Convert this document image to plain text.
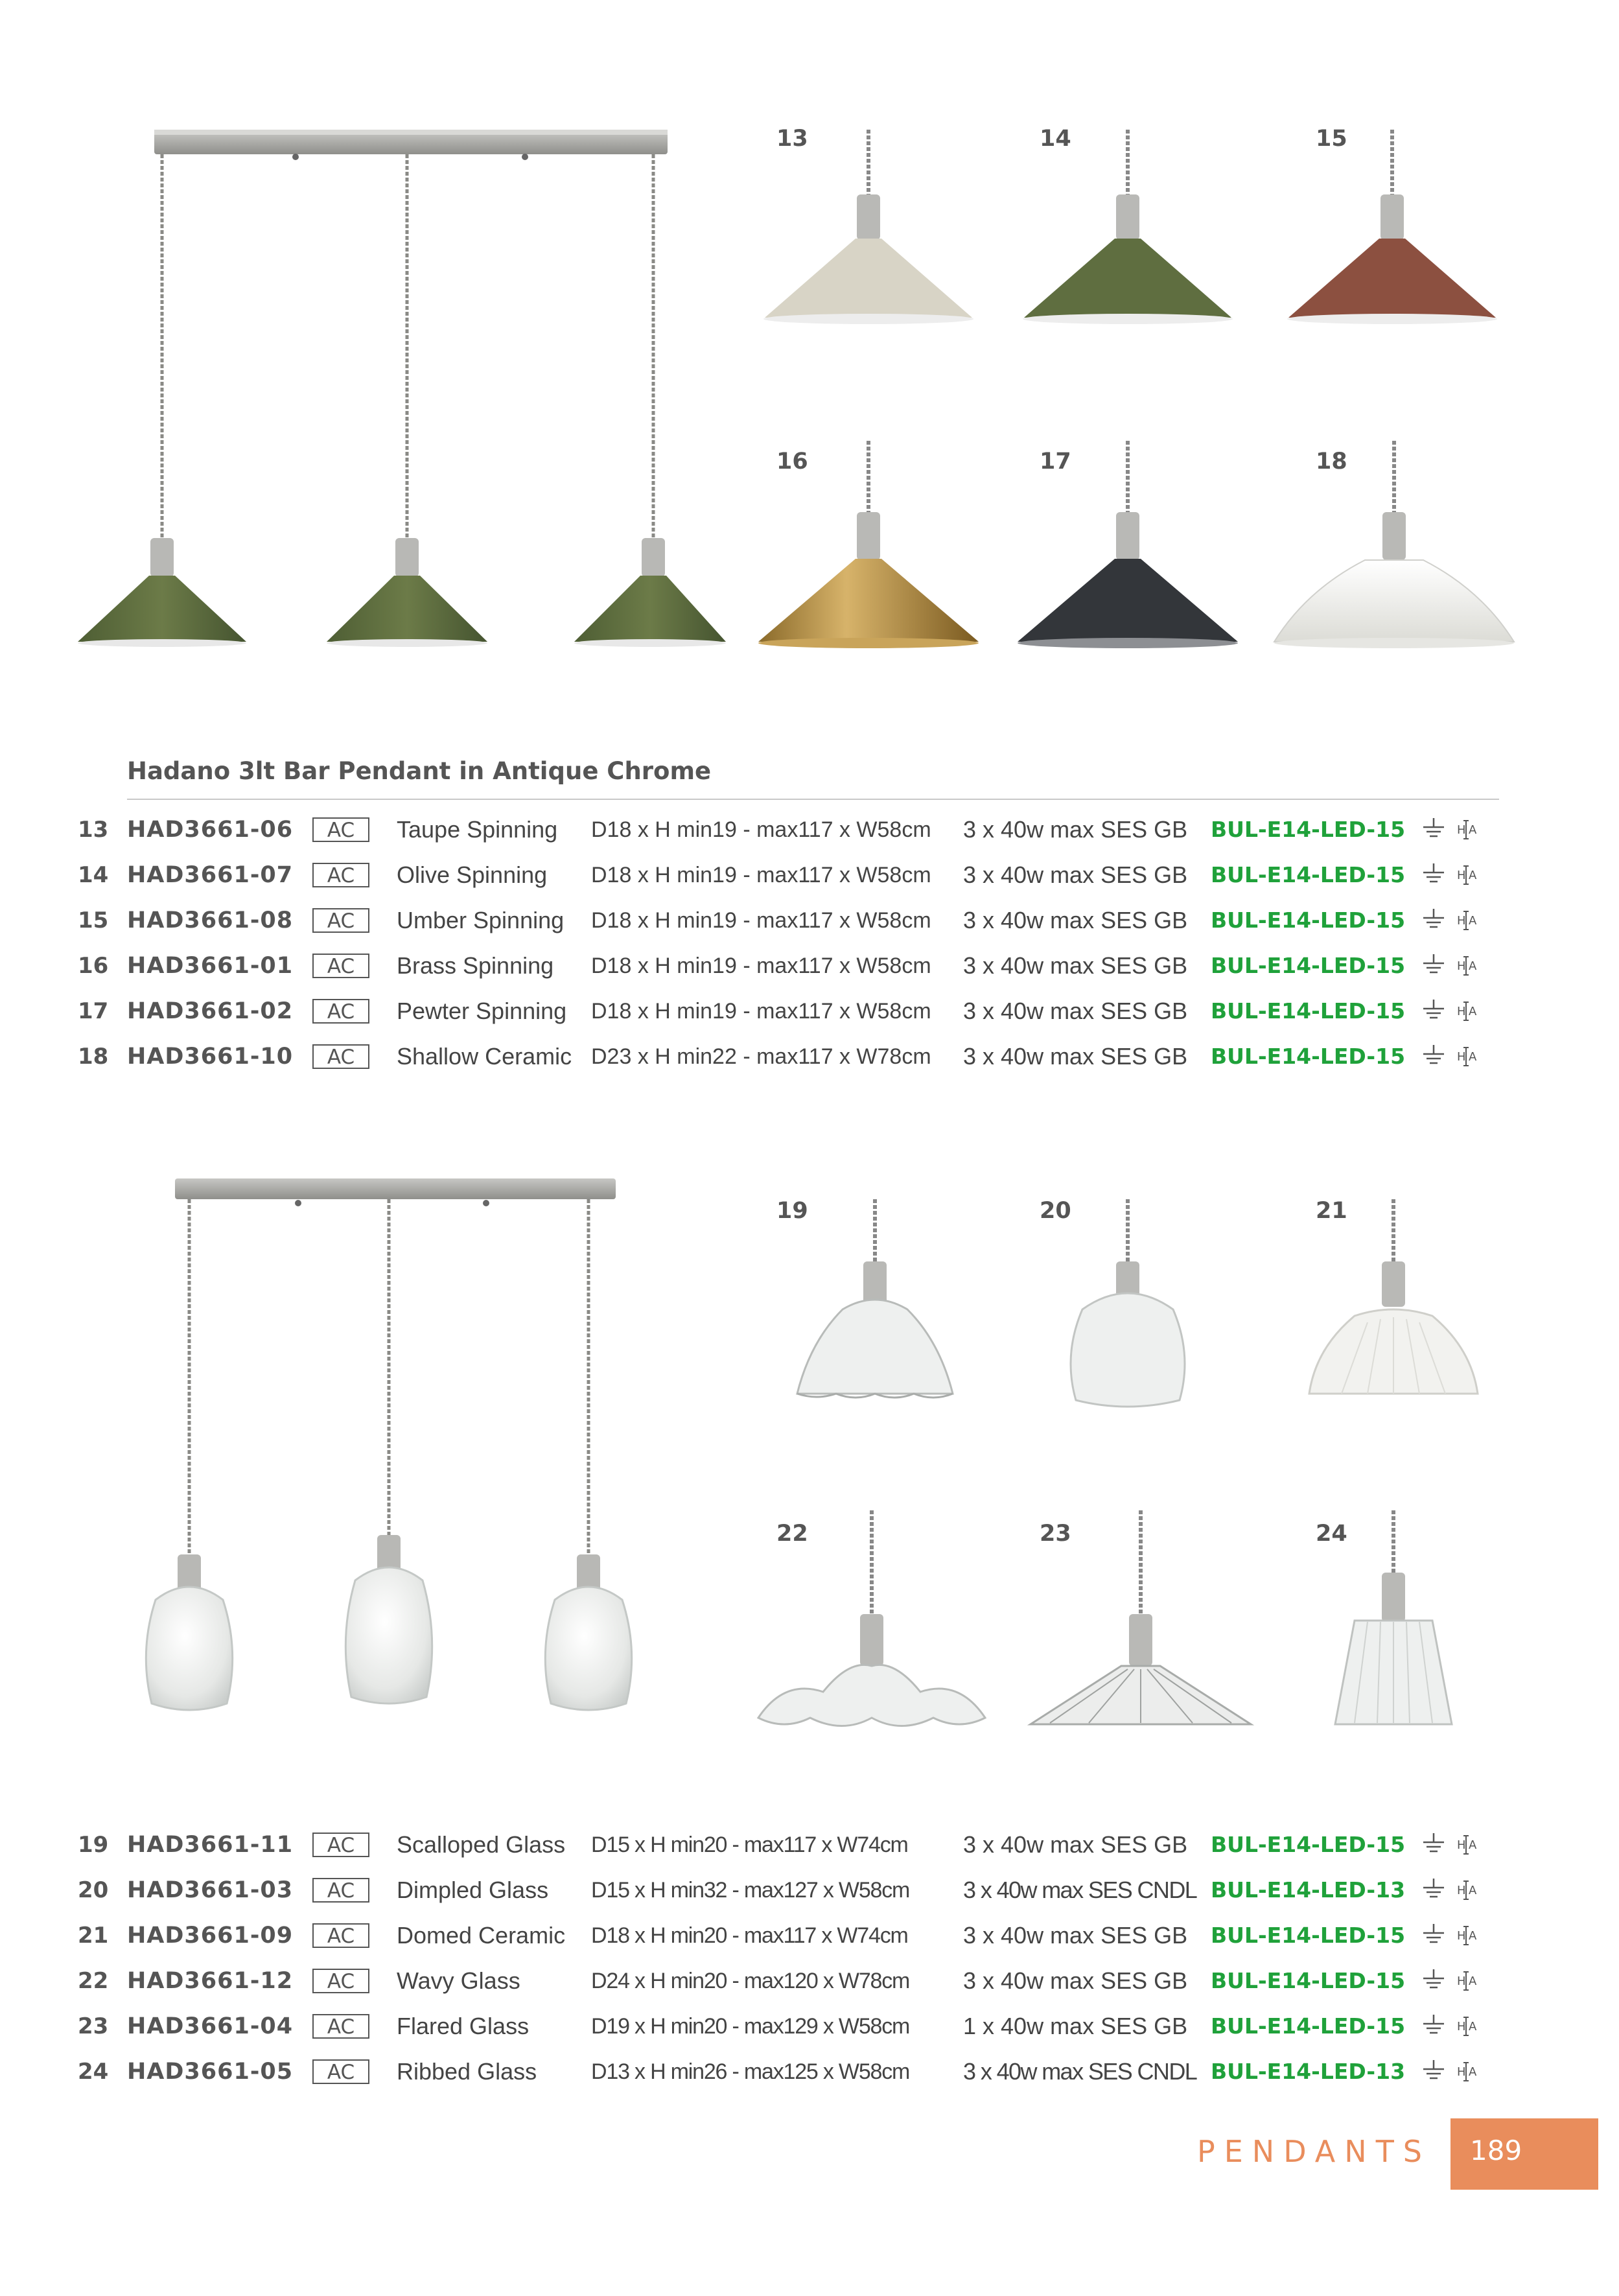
13	14	15
16	17	18
Hadano 3lt Bar Pendant in Antique Chrome
13 HAD3661-06	AC	Taupe Spinning D18 x H min19 - max117 x W58cm 3 x 40w max SES GB BUL-E14-LED-15	H A
14 HAD3661-07	AC	Olive Spinning D18 x H min19 - max117 x W58cm 3 x 40w max SES GB BUL-E14-LED-15	H A
15 HAD3661-08	AC	Umber Spinning D18 x H min19 - max117 x W58cm 3 x 40w max SES GB BUL-E14-LED-15	H A
16 HAD3661-01	AC	Brass Spinning D18 x H min19 - max117 x W58cm 3 x 40w max SES GB BUL-E14-LED-15	H A
17 HAD3661-02	AC	Pewter Spinning D18 x H min19 - max117 x W58cm 3 x 40w max SES GB BUL-E14-LED-15	H A
18 HAD3661-10	AC	Shallow Ceramic D23 x H min22 - max117 x W78cm 3 x 40w max SES GB BUL-E14-LED-15	H A
19	20	21
22	23	24
19 HAD3661-11	AC	Scalloped Glass D15 x H min20 - max117 x W74cm 3 x 40w max SES GB BUL-E14-LED-15	H A
20 HAD3661-03	AC	Dimpled Glass D15 x H min32 - max127 x W58cm 3 x 40w max SES CNDL BUL-E14-LED-13	H A
21 HAD3661-09	AC	Domed Ceramic D18 x H min20 - max117 x W74cm 3 x 40w max SES GB BUL-E14-LED-15	H A
22 HAD3661-12	AC	Wavy Glass	D24 x H min20 - max120 x W78cm 3 x 40w max SES GB BUL-E14-LED-15	H A
23 HAD3661-04	AC	Flared Glass	D19 x H min20 - max129 x W58cm 1 x 40w max SES GB BUL-E14-LED-15	H A
24 HAD3661-05	AC	Ribbed Glass D13 x H min26 - max125 x W58cm 3 x 40w max SES CNDL BUL-E14-LED-13	H A
PENDANTS 189
